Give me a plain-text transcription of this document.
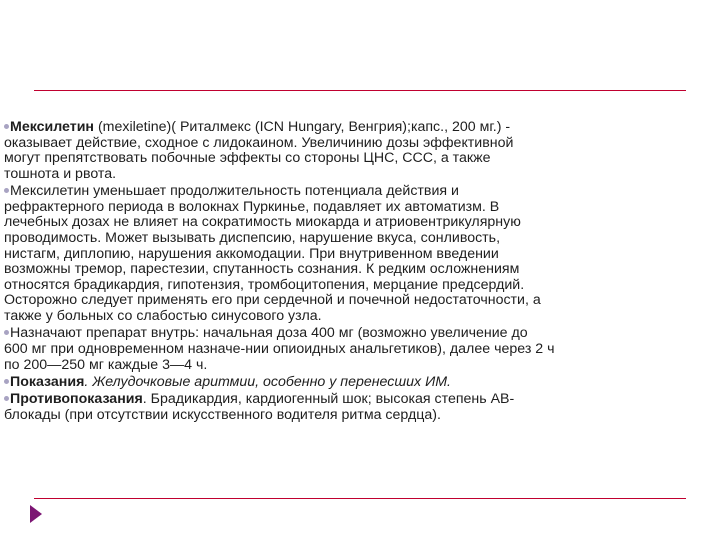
Мексилетин (mexiletine)( Риталмекс (ICN Hungary, Венгрия);капс., 200 мг.) -
оказывает действие, сходное с лидокаином. Увеличинию дозы эффективной
могут препятствовать побочные эффекты со стороны ЦНС, ССС, а также
тошнота и рвота.

Мексилетин уменьшает продолжительность потенциала действия и
рефрактерного периода в волокнах Пуркинье, подавляет их автоматизм. В
лечебных дозах не влияет на сократимость миокарда и атриовентрикулярную
проводимость. Может вызывать диспепсию, нарушение вкуса, сонливость,
нистагм, диплопию, нарушения аккомодации. При внутривенном введении
возможны тремор, парестезии, спутанность сознания. К редким осложнениям
относятся брадикардия, гипотензия, тромбоцитопения, мерцание предсердий.
Осторожно следует применять его при сердечной и почечной недостаточности, а
также у больных со слабостью синусового узла.

Назначают препарат внутрь: начальная доза 400 мг (возможно увеличение до
600 мг при одновременном назначе-нии опиоидных анальгетиков), далее через 2 ч
по 200—250 мг каждые 3—4 ч.

Показания. Желудочковые аритмии, особенно у перенесших ИМ.

Противопоказания. Брадикардия, кардиогенный шок; высокая степень АВ-
блокады (при отсутствии искусственного водителя ритма сердца).
